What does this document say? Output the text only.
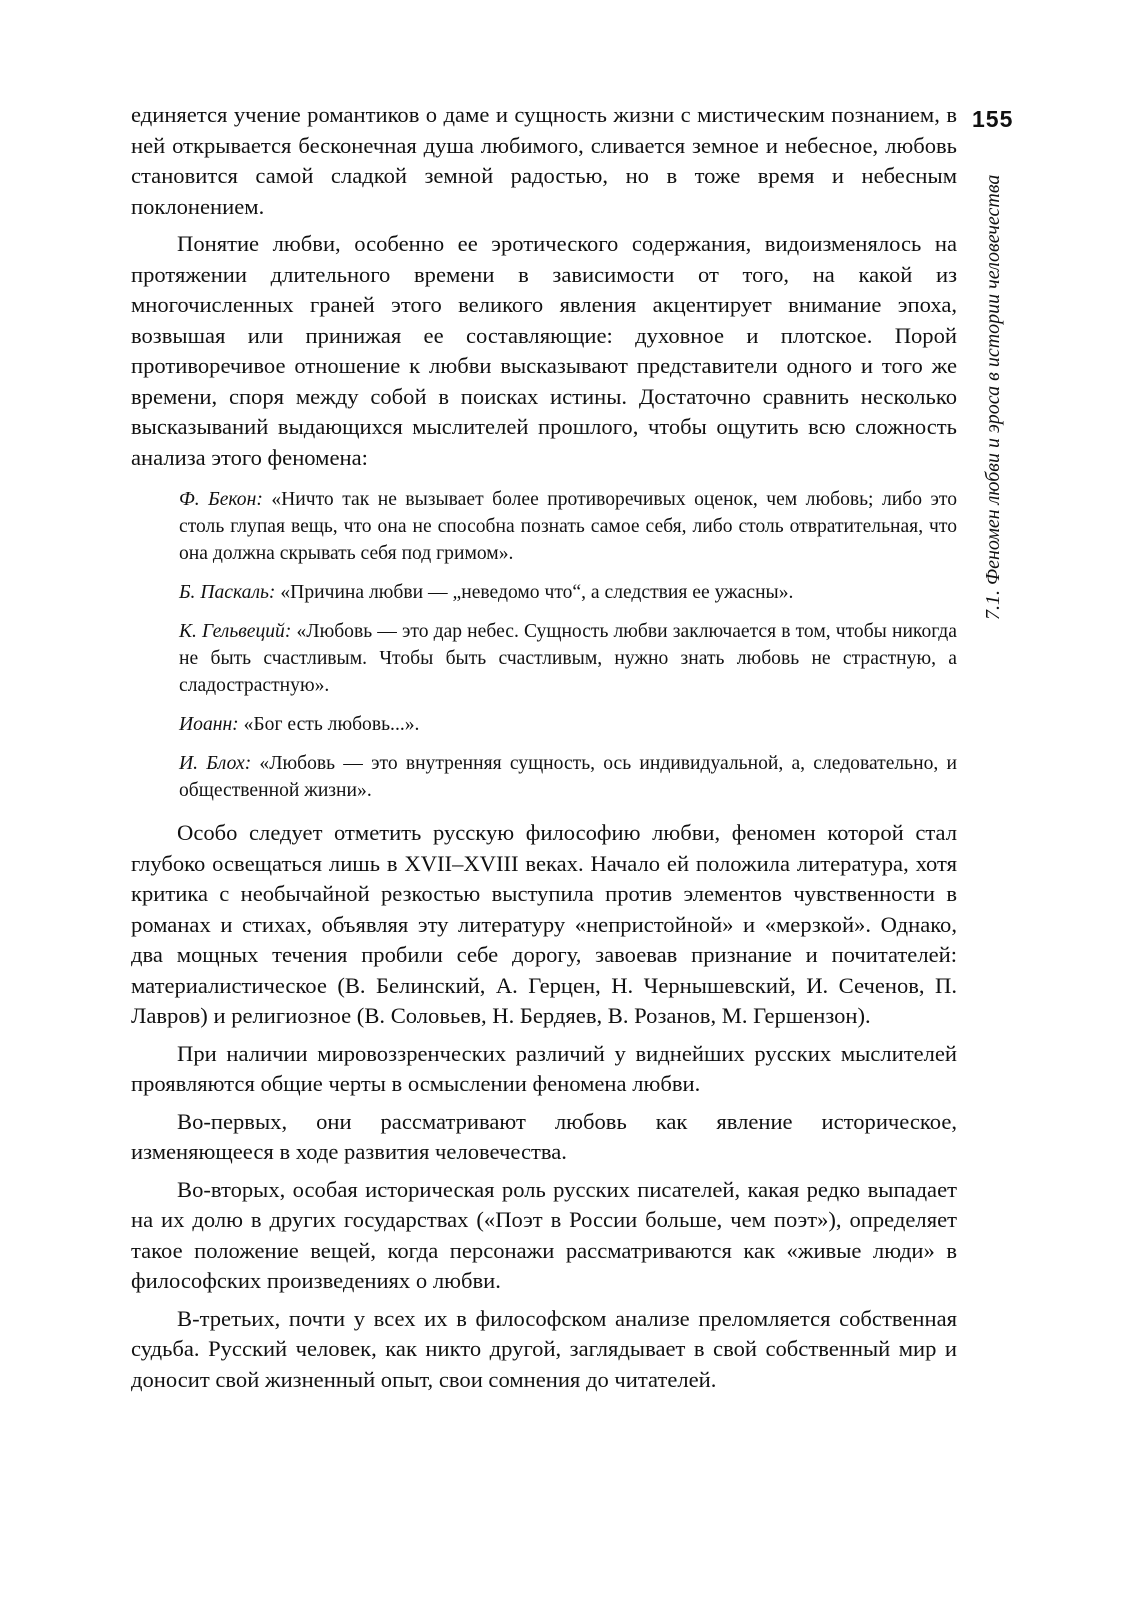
155
7.1. Феномен любви и эроса в истории человечества

единяется учение романтиков о даме и сущность жизни с мистическим познанием, в ней открывается бесконечная душа любимого, сливается земное и небесное, любовь становится самой сладкой земной радостью, но в тоже время и небесным поклонением.

Понятие любви, особенно ее эротического содержания, видоизменялось на протяжении длительного времени в зависимости от того, на какой из многочисленных граней этого великого явления акцентирует внимание эпоха, возвышая или принижая ее составляющие: духовное и плотское. Порой противоречивое отношение к любви высказывают представители одного и того же времени, споря между собой в поисках истины. Достаточно сравнить несколько высказываний выдающихся мыслителей прошлого, чтобы ощутить всю сложность анализа этого феномена:

Ф. Бекон: «Ничто так не вызывает более противоречивых оценок, чем любовь; либо это столь глупая вещь, что она не способна познать самое себя, либо столь отвратительная, что она должна скрывать себя под гримом».

Б. Паскаль: «Причина любви — „неведомо что“, а следствия ее ужасны».

К. Гельвеций: «Любовь — это дар небес. Сущность любви заключается в том, чтобы никогда не быть счастливым. Чтобы быть счастливым, нужно знать любовь не страстную, а сладострастную».

Иоанн: «Бог есть любовь...».

И. Блох: «Любовь — это внутренняя сущность, ось индивидуальной, а, следовательно, и общественной жизни».

Особо следует отметить русскую философию любви, феномен которой стал глубоко освещаться лишь в XVII–XVIII веках. Начало ей положила литература, хотя критика с необычайной резкостью выступила против элементов чувственности в романах и стихах, объявляя эту литературу «непристойной» и «мерзкой». Однако, два мощных течения пробили себе дорогу, завоевав признание и почитателей: материалистическое (В. Белинский, А. Герцен, Н. Чернышевский, И. Сеченов, П. Лавров) и религиозное (В. Соловьев, Н. Бердяев, В. Розанов, М. Гершензон).

При наличии мировоззренческих различий у виднейших русских мыслителей проявляются общие черты в осмыслении феномена любви.

Во-первых, они рассматривают любовь как явление историческое, изменяющееся в ходе развития человечества.

Во-вторых, особая историческая роль русских писателей, какая редко выпадает на их долю в других государствах («Поэт в России больше, чем поэт»), определяет такое положение вещей, когда персонажи рассматриваются как «живые люди» в философских произведениях о любви.

В-третьих, почти у всех их в философском анализе преломляется собственная судьба. Русский человек, как никто другой, заглядывает в свой собственный мир и доносит свой жизненный опыт, свои сомнения до читателей.
